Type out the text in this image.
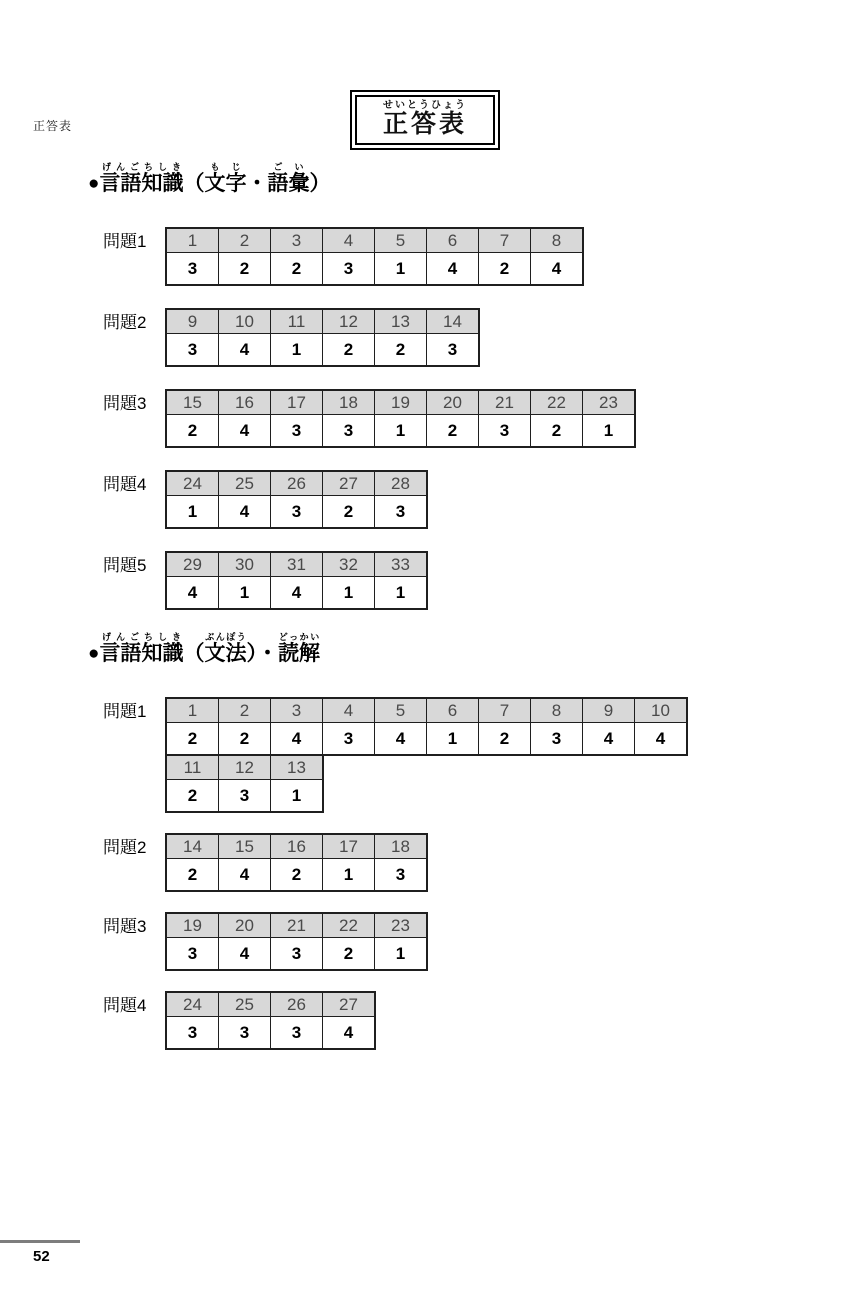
正答表
せいとうひょう
正答表
●言語知識げんごちしき（文字もじ・語彙ごい）
問題1	1	2	3	4	5	6	7	8
3	2	2	3	1	4	2	4
問題2	9	10	11	12	13	14
3	4	1	2	2	3
問題3	15	16	17	18	19	20	21	22	23
2	4	3	3	1	2	3	2	1
問題4	24	25	26	27	28
1	4	3	2	3
問題5	29	30	31	32	33
4	1	4	1	1
●言語知識げんごちしき（文法ぶんぽう）・読解どっかい
問題1	1	2	3	4	5	6	7	8	9	10
2	2	4	3	4	1	2	3	4	4
11	12	13
2	3	1
問題2	14	15	16	17	18
2	4	2	1	3
問題3	19	20	21	22	23
3	4	3	2	1
問題4	24	25	26	27
3	3	3	4
52
